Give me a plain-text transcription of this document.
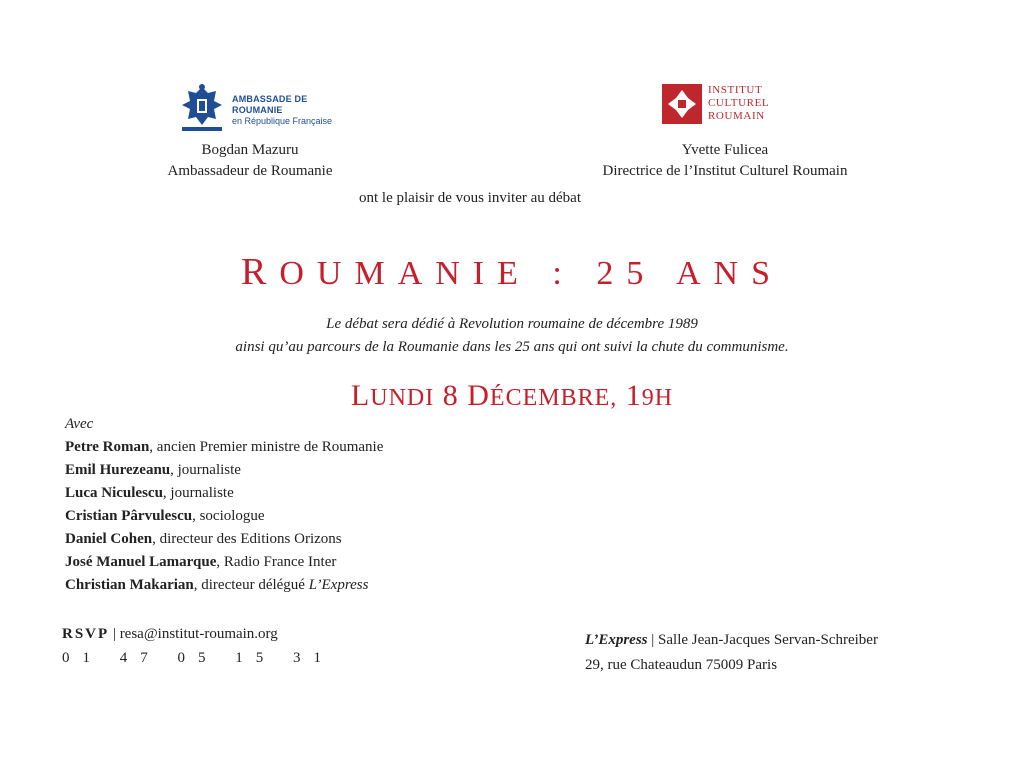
AMBASSADE DE ROUMANIE
en République Française
INSTITUT
CULTUREL
ROUMAIN
Bogdan Mazuru
Ambassadeur de Roumanie
Yvette Fulicea
Directrice de l’Institut Culturel Roumain
ont le plaisir de vous inviter au débat
ROUMANIE : 25 ANS
Le débat sera dédié à Revolution roumaine de décembre 1989
ainsi qu’au parcours de la Roumanie dans les 25 ans qui ont suivi la chute du communisme.
LUNDI 8 DÉCEMBRE, 19H
Avec
Petre Roman, ancien Premier ministre de Roumanie
Emil Hurezeanu, journaliste
Luca Niculescu, journaliste
Cristian Pârvulescu, sociologue
Daniel Cohen, directeur des Editions Orizons
José Manuel Lamarque, Radio France Inter
Christian Makarian, directeur délégué L’Express
RSVP | resa@institut-roumain.org
01 47 05 15 31
L’Express | Salle Jean-Jacques Servan-Schreiber
29, rue Chateaudun 75009 Paris
